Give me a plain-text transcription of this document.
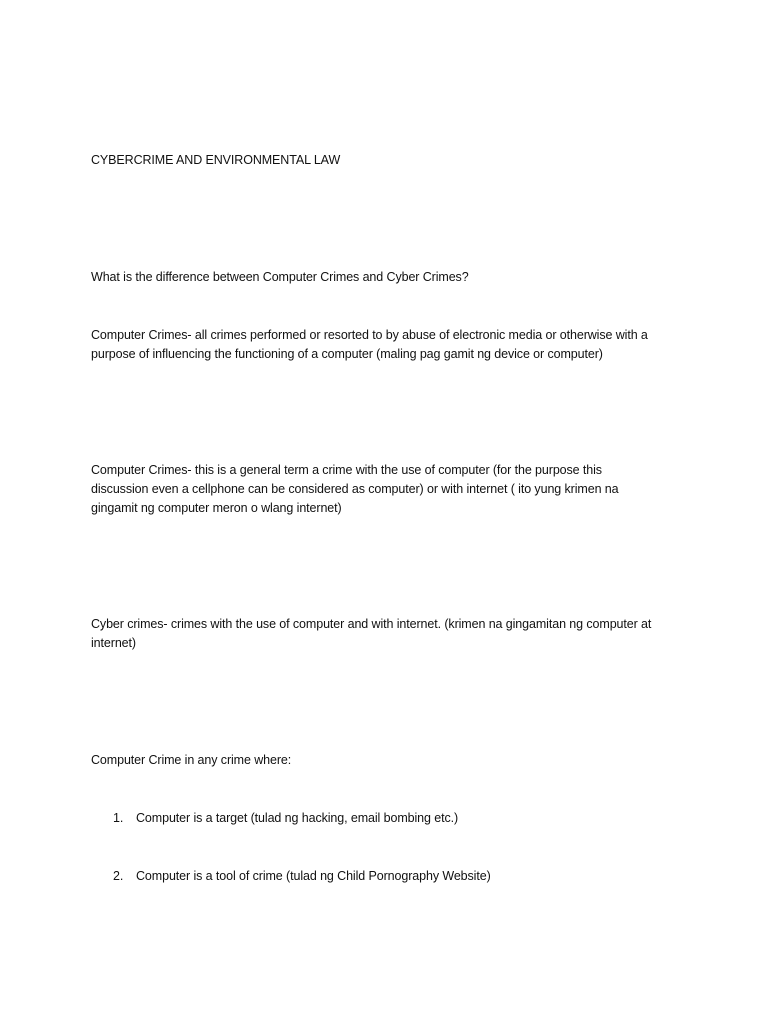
CYBERCRIME AND ENVIRONMENTAL LAW

What is the difference between Computer Crimes and Cyber Crimes?

Computer Crimes- all crimes performed or resorted to by abuse of electronic media or otherwise with a
purpose of influencing the functioning of a computer (maling pag gamit ng device or computer)

Computer Crimes- this is a general term a crime with the use of computer (for the purpose this
discussion even a cellphone can be considered as computer) or with internet ( ito yung krimen na
gingamit ng computer meron o wlang internet)

Cyber crimes- crimes with the use of computer and with internet. (krimen na gingamitan ng computer at
internet)

Computer Crime in any crime where:

1. Computer is a target (tulad ng hacking, email bombing etc.)
2. Computer is a tool of crime (tulad ng Child Pornography Website)
